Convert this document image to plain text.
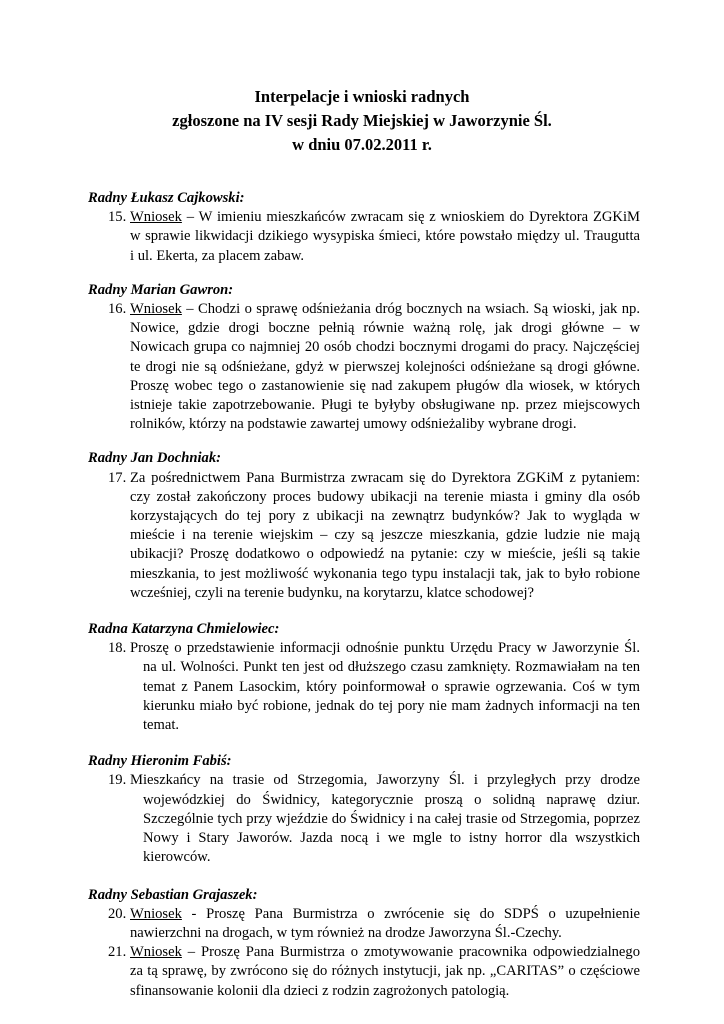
Interpelacje i wnioski radnych
zgłoszone na IV sesji Rady Miejskiej w Jaworzynie Śl.
w dniu 07.02.2011 r.
Radny Łukasz Cajkowski:
15. Wniosek – W imieniu mieszkańców zwracam się z wnioskiem do Dyrektora ZGKiM
w sprawie likwidacji dzikiego wysypiska śmieci, które powstało między ul. Traugutta
i ul. Ekerta, za placem zabaw.
Radny Marian Gawron:
16. Wniosek – Chodzi o sprawę odśnieżania dróg bocznych na wsiach. Są wioski, jak np.
Nowice, gdzie drogi boczne pełnią równie ważną rolę, jak drogi główne – w
Nowicach grupa co najmniej 20 osób chodzi bocznymi drogami do pracy. Najczęściej
te drogi nie są odśnieżane, gdyż w pierwszej kolejności odśnieżane są drogi główne.
Proszę wobec tego o zastanowienie się nad zakupem pługów dla wiosek, w których
istnieje takie zapotrzebowanie. Pługi te byłyby obsługiwane np. przez miejscowych
rolników, którzy na podstawie zawartej umowy odśnieżaliby wybrane drogi.
Radny Jan Dochniak:
17. Za pośrednictwem Pana Burmistrza zwracam się do Dyrektora ZGKiM z pytaniem:
czy został zakończony proces budowy ubikacji na terenie miasta i gminy dla osób
korzystających do tej pory z ubikacji na zewnątrz budynków? Jak to wygląda w
mieście i na terenie wiejskim – czy są jeszcze mieszkania, gdzie ludzie nie mają
ubikacji? Proszę dodatkowo o odpowiedź na pytanie: czy w mieście, jeśli są takie
mieszkania, to jest możliwość wykonania tego typu instalacji tak, jak to było robione
wcześniej, czyli na terenie budynku, na korytarzu, klatce schodowej?
Radna Katarzyna Chmielowiec:
18. Proszę o przedstawienie informacji odnośnie punktu Urzędu Pracy w Jaworzynie Śl.
na ul. Wolności. Punkt ten jest od dłuższego czasu zamknięty. Rozmawiałam na ten
temat z Panem Lasockim, który poinformował o sprawie ogrzewania. Coś w tym
kierunku miało być robione, jednak do tej pory nie mam żadnych informacji na ten
temat.
Radny Hieronim Fabiś:
19. Mieszkańcy na trasie od Strzegomia, Jaworzyny Śl. i przyległych przy drodze
wojewódzkiej do Świdnicy, kategorycznie proszą o solidną naprawę dziur.
Szczególnie tych przy wjeździe do Świdnicy i na całej trasie od Strzegomia, poprzez
Nowy i Stary Jaworów. Jazda nocą i we mgle to istny horror dla wszystkich
kierowców.
Radny Sebastian Grajaszek:
20. Wniosek - Proszę Pana Burmistrza o zwrócenie się do SDPŚ o uzupełnienie
nawierzchni na drogach, w tym również na drodze Jaworzyna Śl.-Czechy.
21. Wniosek – Proszę Pana Burmistrza o zmotywowanie pracownika odpowiedzialnego
za tą sprawę, by zwrócono się do różnych instytucji, jak np. „CARITAS” o częściowe
sfinansowanie kolonii dla dzieci z rodzin zagrożonych patologią.
